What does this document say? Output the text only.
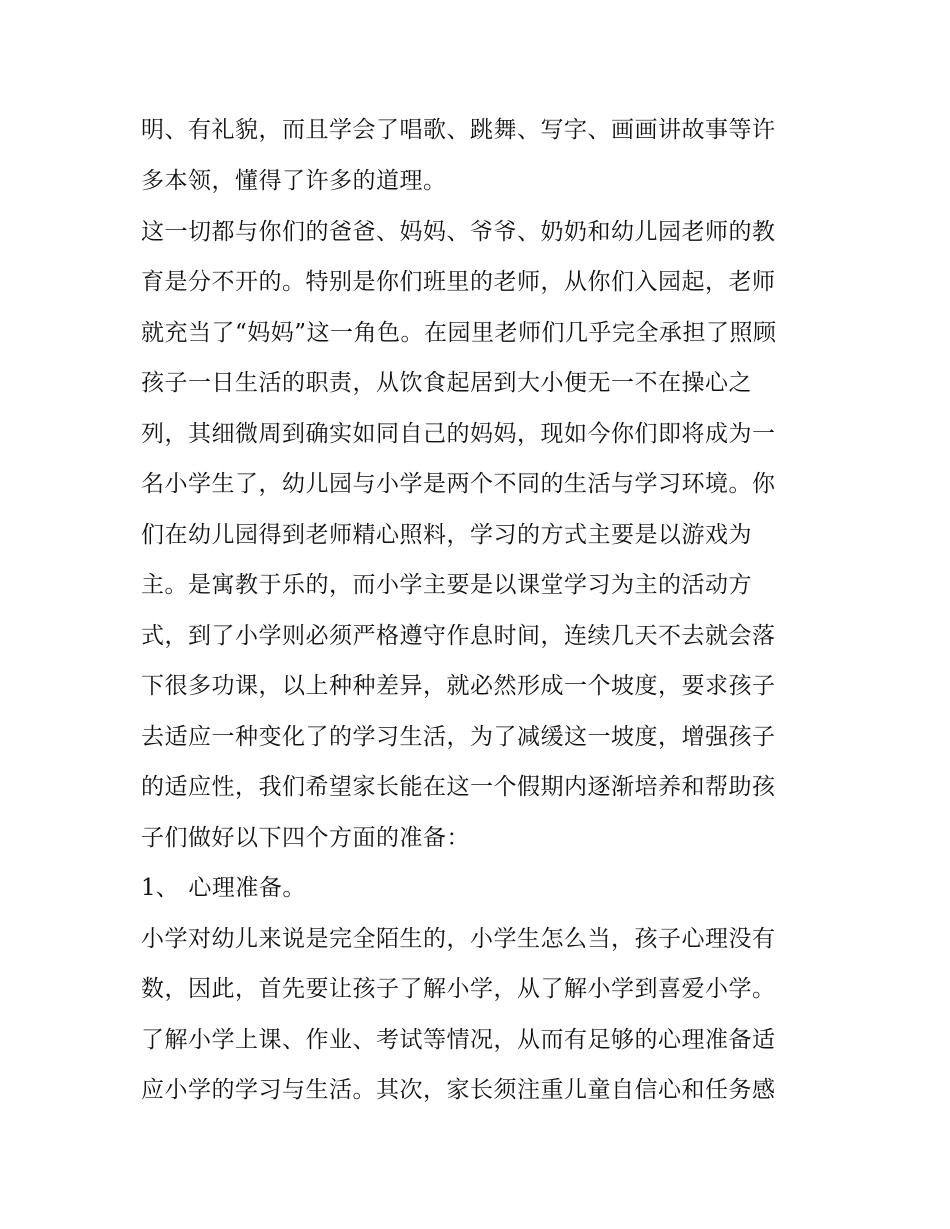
明、有礼貌，而且学会了唱歌、跳舞、写字、画画讲故事等许
多本领，懂得了许多的道理。
这一切都与你们的爸爸、妈妈、爷爷、奶奶和幼儿园老师的教
育是分不开的。特别是你们班里的老师，从你们入园起，老师
就充当了“妈妈”这一角色。在园里老师们几乎完全承担了照顾
孩子一日生活的职责，从饮食起居到大小便无一不在操心之
列，其细微周到确实如同自己的妈妈，现如今你们即将成为一
名小学生了，幼儿园与小学是两个不同的生活与学习环境。你
们在幼儿园得到老师精心照料，学习的方式主要是以游戏为
主。是寓教于乐的，而小学主要是以课堂学习为主的活动方
式，到了小学则必须严格遵守作息时间，连续几天不去就会落
下很多功课，以上种种差异，就必然形成一个坡度，要求孩子
去适应一种变化了的学习生活，为了减缓这一坡度，增强孩子
的适应性，我们希望家长能在这一个假期内逐渐培养和帮助孩
子们做好以下四个方面的准备：
1、 心理准备。
小学对幼儿来说是完全陌生的，小学生怎么当，孩子心理没有
数，因此，首先要让孩子了解小学，从了解小学到喜爱小学。
了解小学上课、作业、考试等情况，从而有足够的心理准备适
应小学的学习与生活。其次，家长须注重儿童自信心和任务感
